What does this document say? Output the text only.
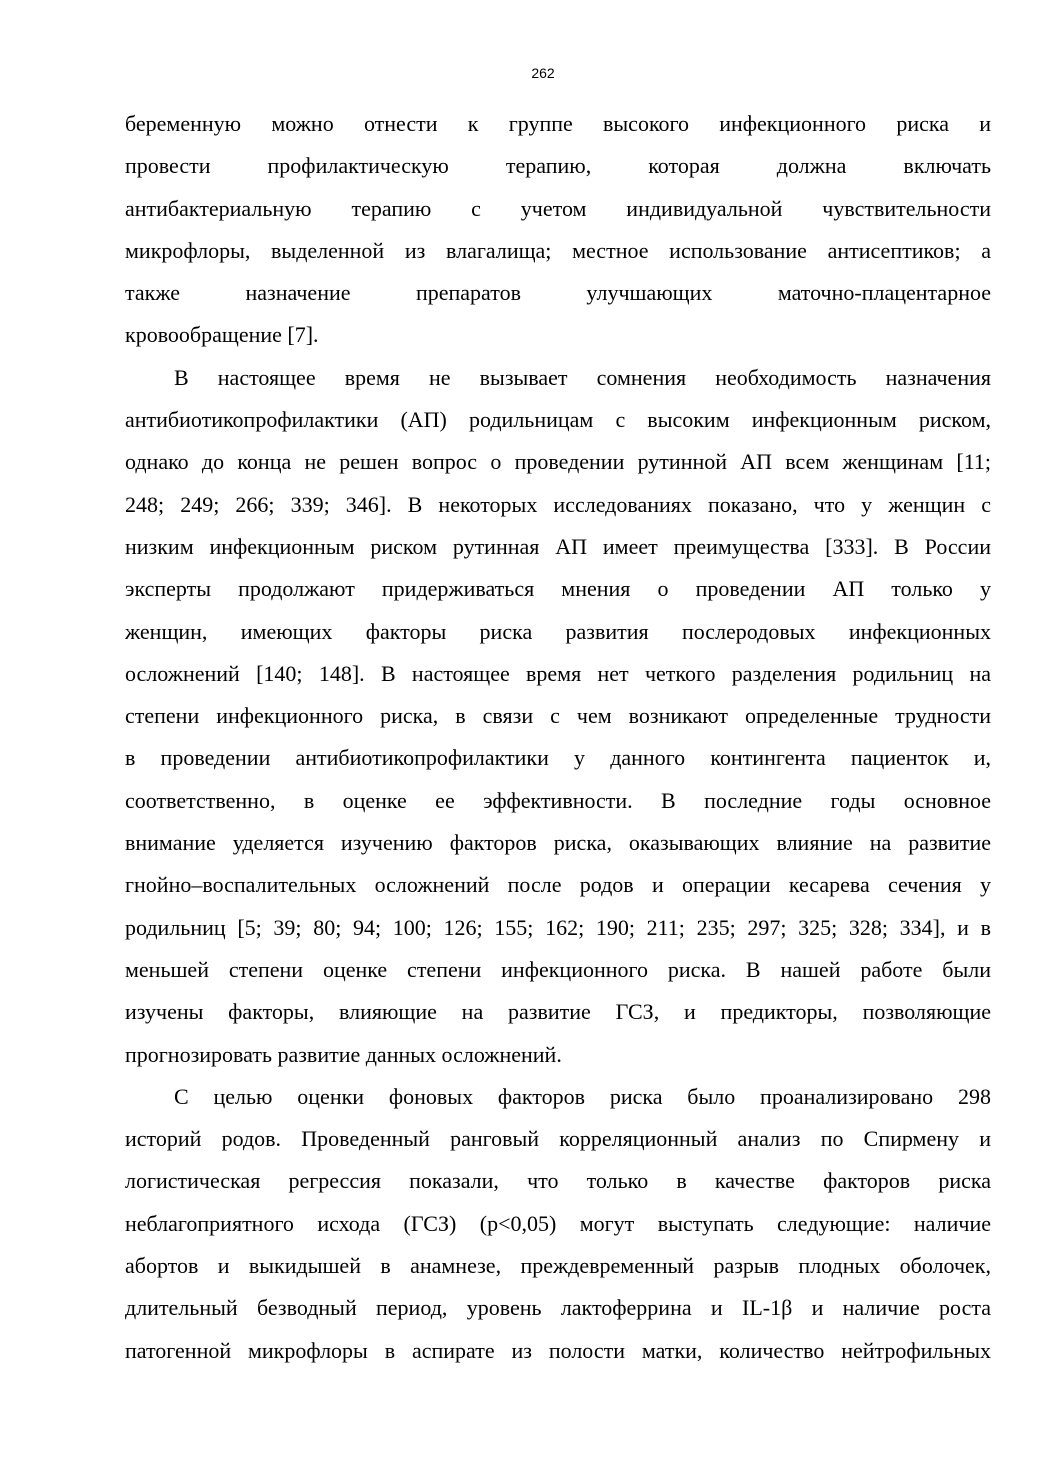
262
беременную можно отнести к группе высокого инфекционного риска и
провести профилактическую терапию, которая должна включать
антибактериальную терапию с учетом индивидуальной чувствительности
микрофлоры, выделенной из влагалища; местное использование антисептиков; а
также назначение препаратов улучшающих маточно-плацентарное
кровообращение [7].
В настоящее время не вызывает сомнения необходимость назначения
антибиотикопрофилактики (АП) родильницам с высоким инфекционным риском,
однако до конца не решен вопрос о проведении рутинной АП всем женщинам [11;
248; 249; 266; 339; 346]. В некоторых исследованиях показано, что у женщин с
низким инфекционным риском рутинная АП имеет преимущества [333]. В России
эксперты продолжают придерживаться мнения о проведении АП только у
женщин, имеющих факторы риска развития послеродовых инфекционных
осложнений [140; 148]. В настоящее время нет четкого разделения родильниц на
степени инфекционного риска, в связи с чем возникают определенные трудности
в проведении антибиотикопрофилактики у данного контингента пациенток и,
соответственно, в оценке ее эффективности. В последние годы основное
внимание уделяется изучению факторов риска, оказывающих влияние на развитие
гнойно–воспалительных осложнений после родов и операции кесарева сечения у
родильниц [5; 39; 80; 94; 100; 126; 155; 162; 190; 211; 235; 297; 325; 328; 334], и в
меньшей степени оценке степени инфекционного риска. В нашей работе были
изучены факторы, влияющие на развитие ГСЗ, и предикторы, позволяющие
прогнозировать развитие данных осложнений.
С целью оценки фоновых факторов риска было проанализировано 298
историй родов. Проведенный ранговый корреляционный анализ по Спирмену и
логистическая регрессия показали, что только в качестве факторов риска
неблагоприятного исхода (ГСЗ) (p<0,05) могут выступать следующие: наличие
абортов и выкидышей в анамнезе, преждевременный разрыв плодных оболочек,
длительный безводный период, уровень лактоферрина и IL-1β и наличие роста
патогенной микрофлоры в аспирате из полости матки, количество нейтрофильных
